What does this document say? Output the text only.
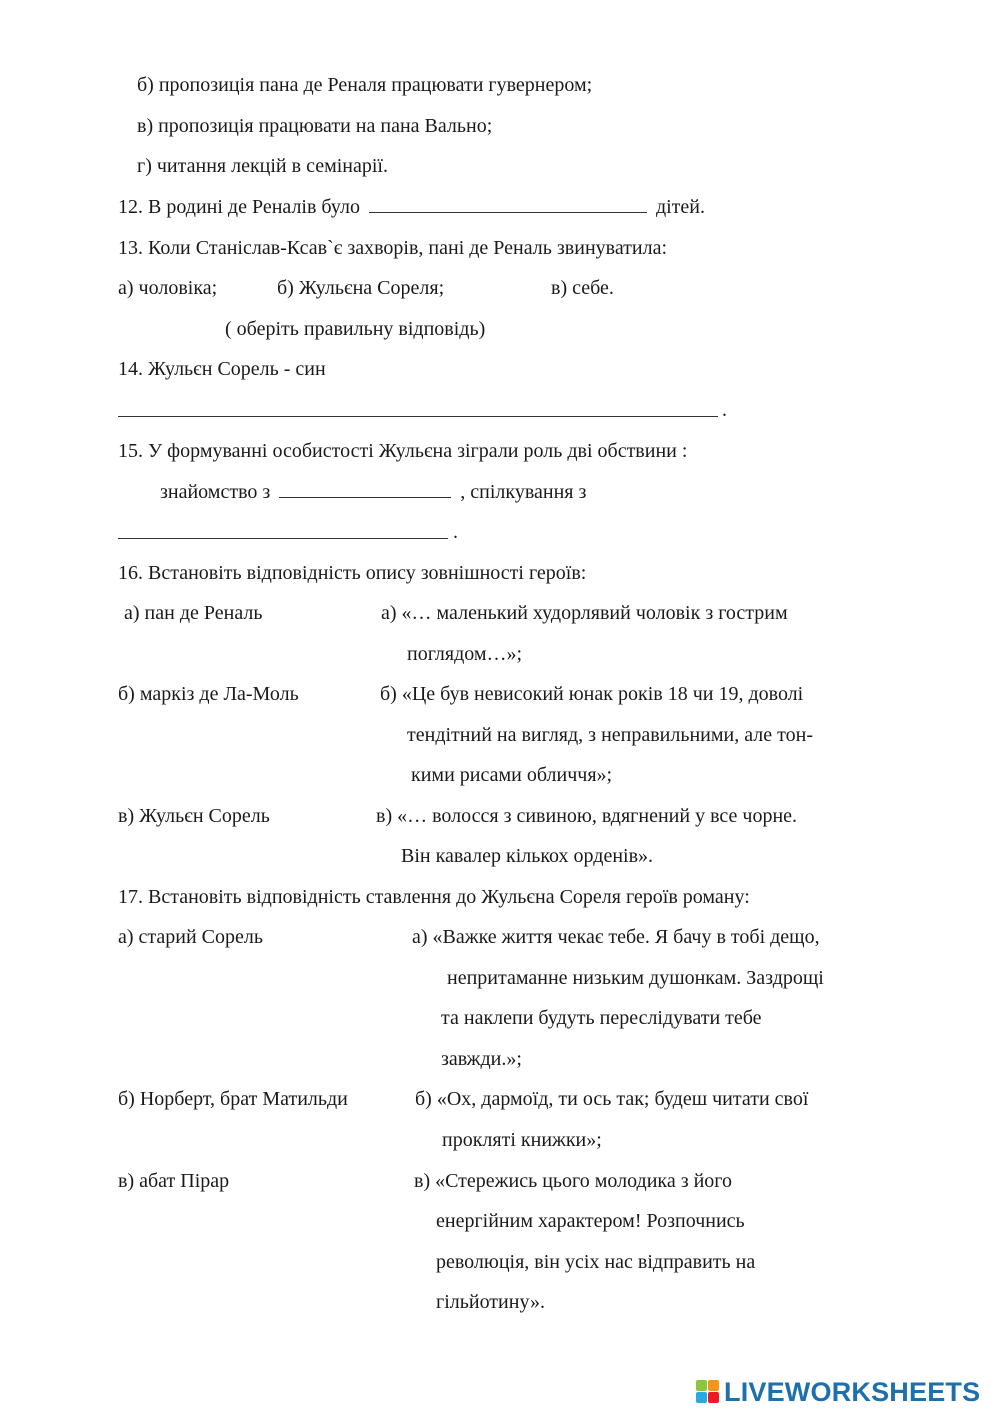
б) пропозиція пана де Реналя працювати гувернером;
в) пропозиція працювати на пана Вально;
г) читання лекцій в семінарії.
12. В родині де Реналів було	дітей.
13. Коли Станіслав-Ксав`є захворів, пані де Реналь звинуватила:
а) чоловіка;	б) Жульєна Сореля;	в) себе.
( оберіть правильну відповідь)
14. Жульєн Сорель - син
.
15. У формуванні особистості Жульєна зіграли роль дві обствини :
знайомство з	, спілкування з
.
16. Встановіть відповідність опису зовнішності героїв:
а) пан де Реналь	а) «… маленький худорлявий чоловік з гострим
поглядом…»;
б) маркіз де Ла-Моль	б) «Це був невисокий юнак років 18 чи 19, доволі
тендітний на вигляд, з неправильними, але тон-
кими рисами обличчя»;
в) Жульєн Сорель	в) «… волосся з сивиною, вдягнений у все чорне.
Він кавалер кількох орденів».
17. Встановіть відповідність ставлення до Жульєна Сореля героїв роману:
а) старий Сорель	а) «Важке життя чекає тебе. Я бачу в тобі дещо,
непритаманне низьким душонкам. Заздрощі
та наклепи будуть переслідувати тебе
завжди.»;
б) Норберт, брат Матильди	б) «Ох, дармоїд, ти ось так; будеш читати свої
прокляті книжки»;
в) абат Пірар	в) «Стережись цього молодика з його
енергійним характером! Розпочнись
революція, він усіх нас відправить на
гільйотину».
LIVEWORKSHEETS
